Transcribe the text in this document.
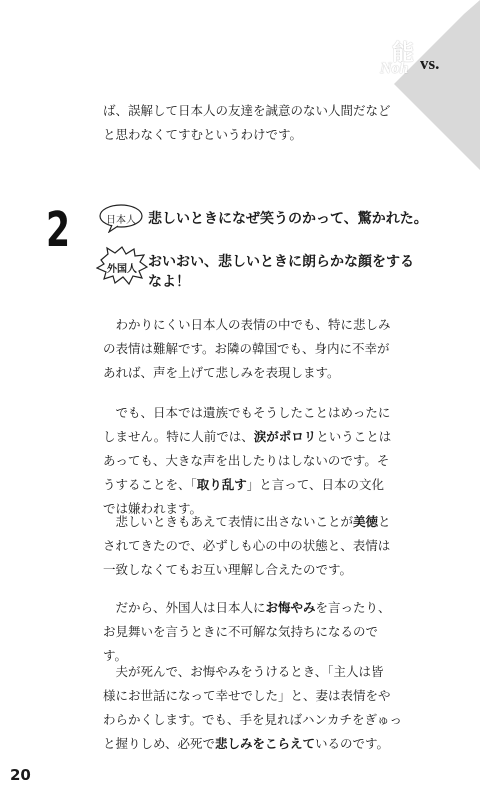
能
Noh vs.
ば、誤解して日本人の友達を誠意のない人間だなど
と思わなくてすむというわけです。
2	日本人 悲しいときになぜ笑うのかって、驚かれた。
外国人 おいおい、悲しいときに朗らかな顔をするなよ！
　わかりにくい日本人の表情の中でも、特に悲しみ
の表情は難解です。お隣の韓国でも、身内に不幸が
あれば、声を上げて悲しみを表現します。
　でも、日本では遺族でもそうしたことはめったに
しません。特に人前では、涙がポロリということは
あっても、大きな声を出したりはしないのです。そ
うすることを、「取り乱す」と言って、日本の文化
では嫌われます。
　悲しいときもあえて表情に出さないことが美徳と
されてきたので、必ずしも心の中の状態と、表情は
一致しなくてもお互い理解し合えたのです。
　だから、外国人は日本人にお悔やみを言ったり、
お見舞いを言うときに不可解な気持ちになるので
す。
　夫が死んで、お悔やみをうけるとき、「主人は皆
様にお世話になって幸せでした」と、妻は表情をや
わらかくします。でも、手を見ればハンカチをぎゅっ
と握りしめ、必死で悲しみをこらえているのです。
20
